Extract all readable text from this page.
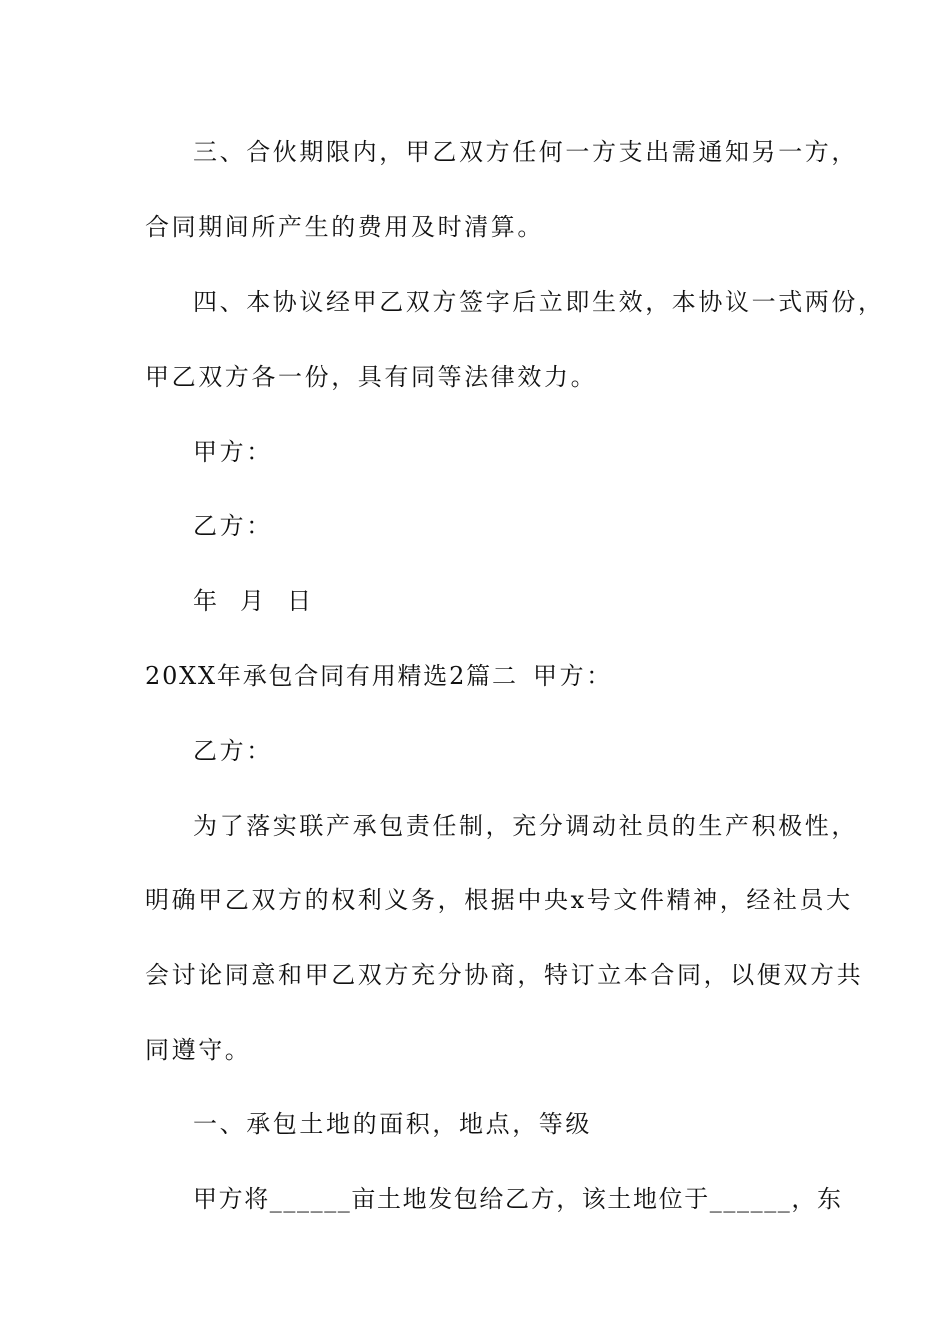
三、合伙期限内，甲乙双方任何一方支出需通知另一方，
合同期间所产生的费用及时清算。
四、本协议经甲乙双方签字后立即生效，本协议一式两份，
甲乙双方各一份，具有同等法律效力。
甲方：
乙方：
年  月  日
20XX年承包合同有用精选2篇二 甲方：
乙方：
为了落实联产承包责任制，充分调动社员的生产积极性，
明确甲乙双方的权利义务，根据中央x号文件精神，经社员大
会讨论同意和甲乙双方充分协商，特订立本合同，以便双方共
同遵守。
一、承包土地的面积，地点，等级
甲方将______亩土地发包给乙方，该土地位于______，东
